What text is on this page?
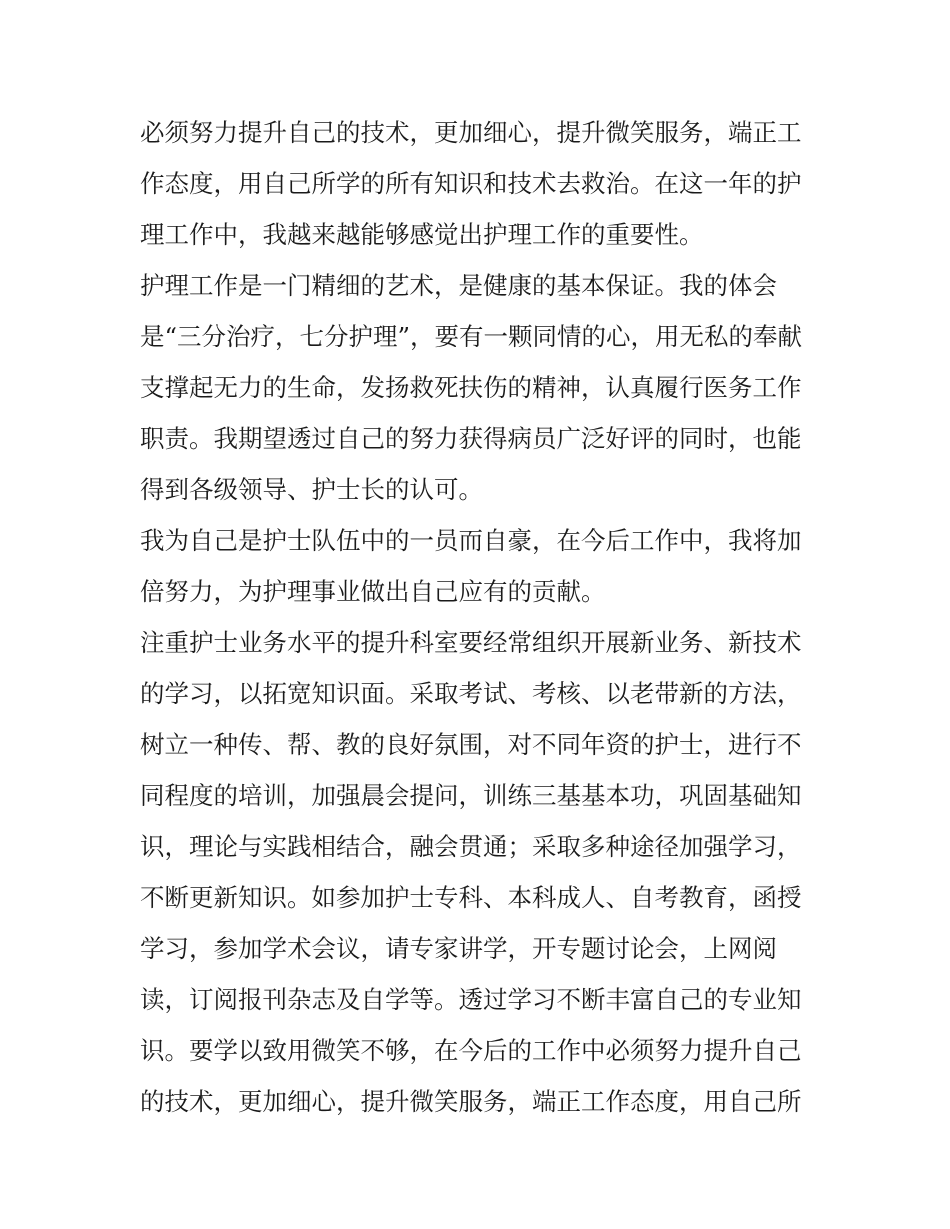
必须努力提升自己的技术，更加细心，提升微笑服务，端正工
作态度，用自己所学的所有知识和技术去救治。在这一年的护
理工作中，我越来越能够感觉出护理工作的重要性。
护理工作是一门精细的艺术，是健康的基本保证。我的体会
是“三分治疗，七分护理”，要有一颗同情的心，用无私的奉献
支撑起无力的生命，发扬救死扶伤的精神，认真履行医务工作
职责。我期望透过自己的努力获得病员广泛好评的同时，也能
得到各级领导、护士长的认可。
我为自己是护士队伍中的一员而自豪，在今后工作中，我将加
倍努力，为护理事业做出自己应有的贡献。
注重护士业务水平的提升科室要经常组织开展新业务、新技术
的学习，以拓宽知识面。采取考试、考核、以老带新的方法，
树立一种传、帮、教的良好氛围，对不同年资的护士，进行不
同程度的培训，加强晨会提问，训练三基基本功，巩固基础知
识，理论与实践相结合，融会贯通；采取多种途径加强学习，
不断更新知识。如参加护士专科、本科成人、自考教育，函授
学习，参加学术会议，请专家讲学，开专题讨论会，上网阅
读，订阅报刊杂志及自学等。透过学习不断丰富自己的专业知
识。要学以致用微笑不够，在今后的工作中必须努力提升自己
的技术，更加细心，提升微笑服务，端正工作态度，用自己所
